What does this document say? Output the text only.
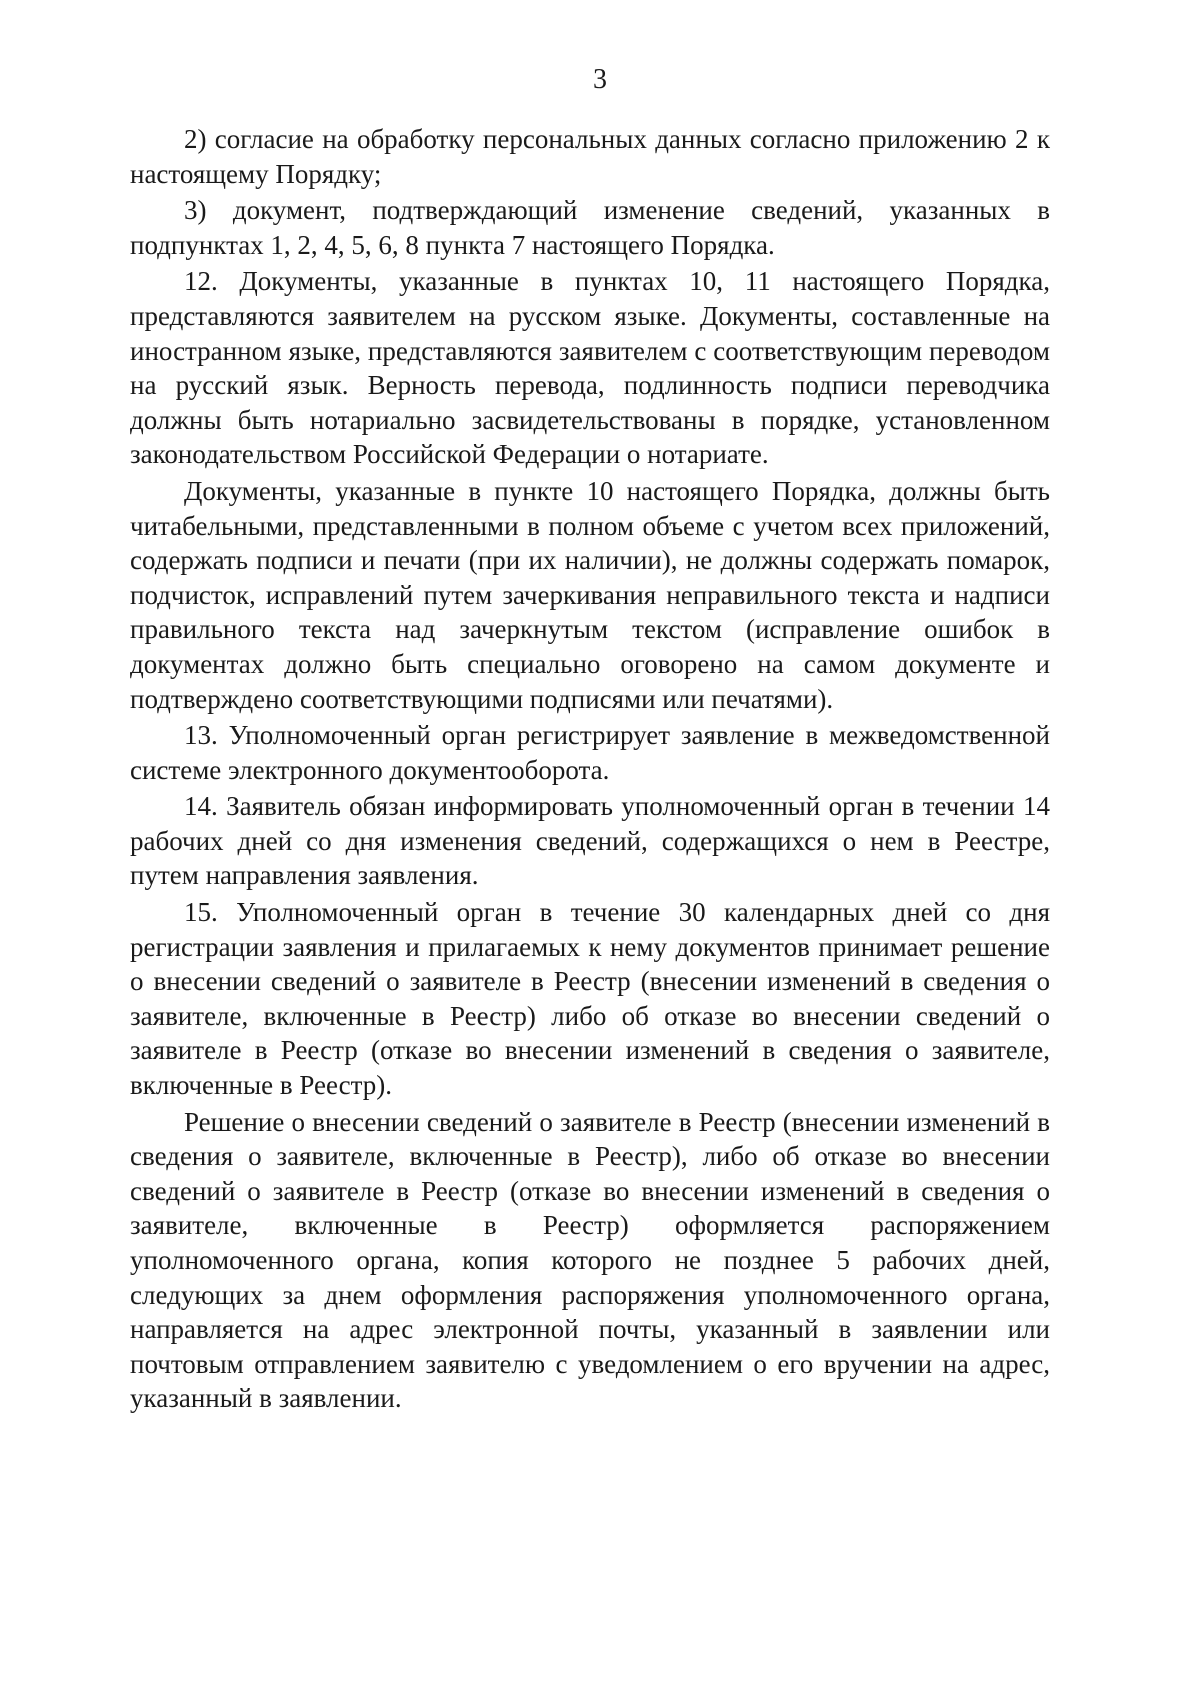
3

2) согласие на обработку персональных данных согласно приложению 2 к настоящему Порядку;

3) документ, подтверждающий изменение сведений, указанных в подпунктах 1, 2, 4, 5, 6, 8 пункта 7 настоящего Порядка.

12. Документы, указанные в пунктах 10, 11 настоящего Порядка, представляются заявителем на русском языке. Документы, составленные на иностранном языке, представляются заявителем с соответствующим переводом на русский язык. Верность перевода, подлинность подписи переводчика должны быть нотариально засвидетельствованы в порядке, установленном законодательством Российской Федерации о нотариате.

Документы, указанные в пункте 10 настоящего Порядка, должны быть читабельными, представленными в полном объеме с учетом всех приложений, содержать подписи и печати (при их наличии), не должны содержать помарок, подчисток, исправлений путем зачеркивания неправильного текста и надписи правильного текста над зачеркнутым текстом (исправление ошибок в документах должно быть специально оговорено на самом документе и подтверждено соответствующими подписями или печатями).

13. Уполномоченный орган регистрирует заявление в межведомственной системе электронного документооборота.

14. Заявитель обязан информировать уполномоченный орган в течении 14 рабочих дней со дня изменения сведений, содержащихся о нем в Реестре, путем направления заявления.

15. Уполномоченный орган в течение 30 календарных дней со дня регистрации заявления и прилагаемых к нему документов принимает решение о внесении сведений о заявителе в Реестр (внесении изменений в сведения о заявителе, включенные в Реестр) либо об отказе во внесении сведений о заявителе в Реестр (отказе во внесении изменений в сведения о заявителе, включенные в Реестр).

Решение о внесении сведений о заявителе в Реестр (внесении изменений в сведения о заявителе, включенные в Реестр), либо об отказе во внесении сведений о заявителе в Реестр (отказе во внесении изменений в сведения о заявителе, включенные в Реестр) оформляется распоряжением уполномоченного органа, копия которого не позднее 5 рабочих дней, следующих за днем оформления распоряжения уполномоченного органа, направляется на адрес электронной почты, указанный в заявлении или почтовым отправлением заявителю с уведомлением о его вручении на адрес, указанный в заявлении.
